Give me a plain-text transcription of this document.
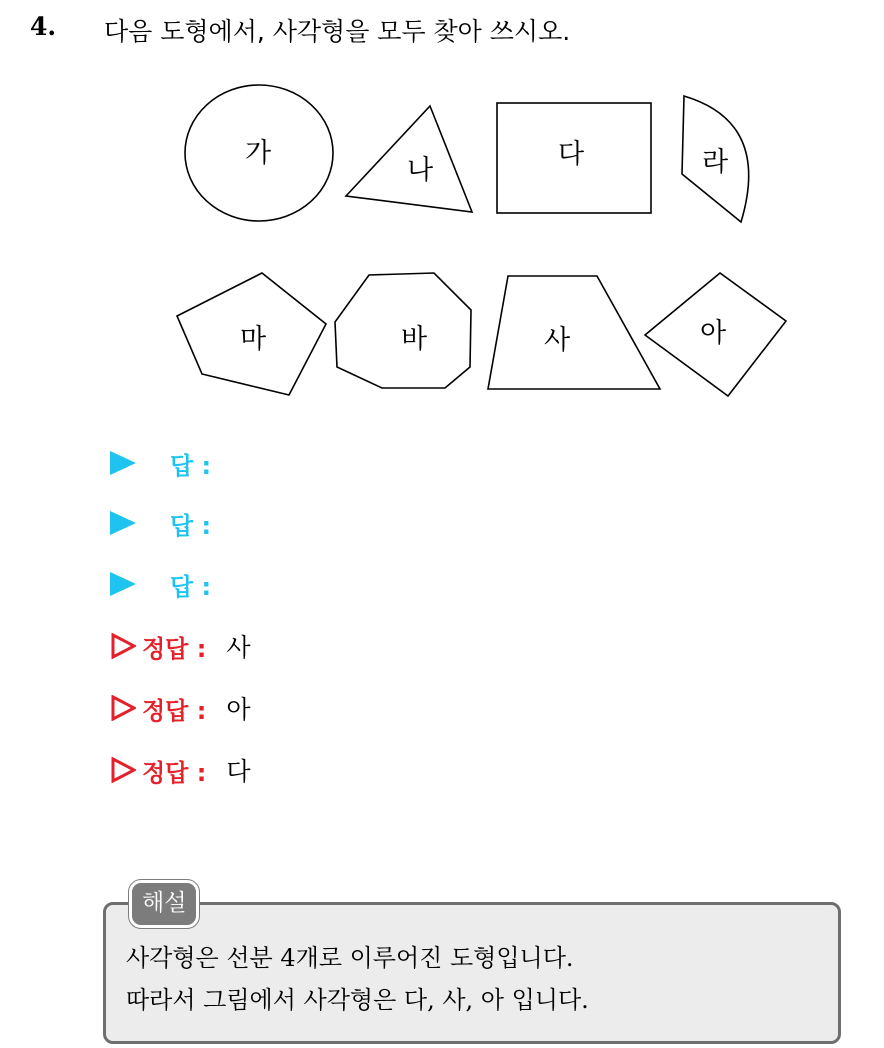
4. 다음 도형에서, 사각형을 모두 찾아 쓰시오.
가
나
다	라
마	바	사	아
답 :
답 :
답 :
정답 : 사
정답 : 아
정답 : 다
해설
사각형은 선분 4개로 이루어진 도형입니다.
따라서 그림에서 사각형은 다, 사, 아 입니다.
